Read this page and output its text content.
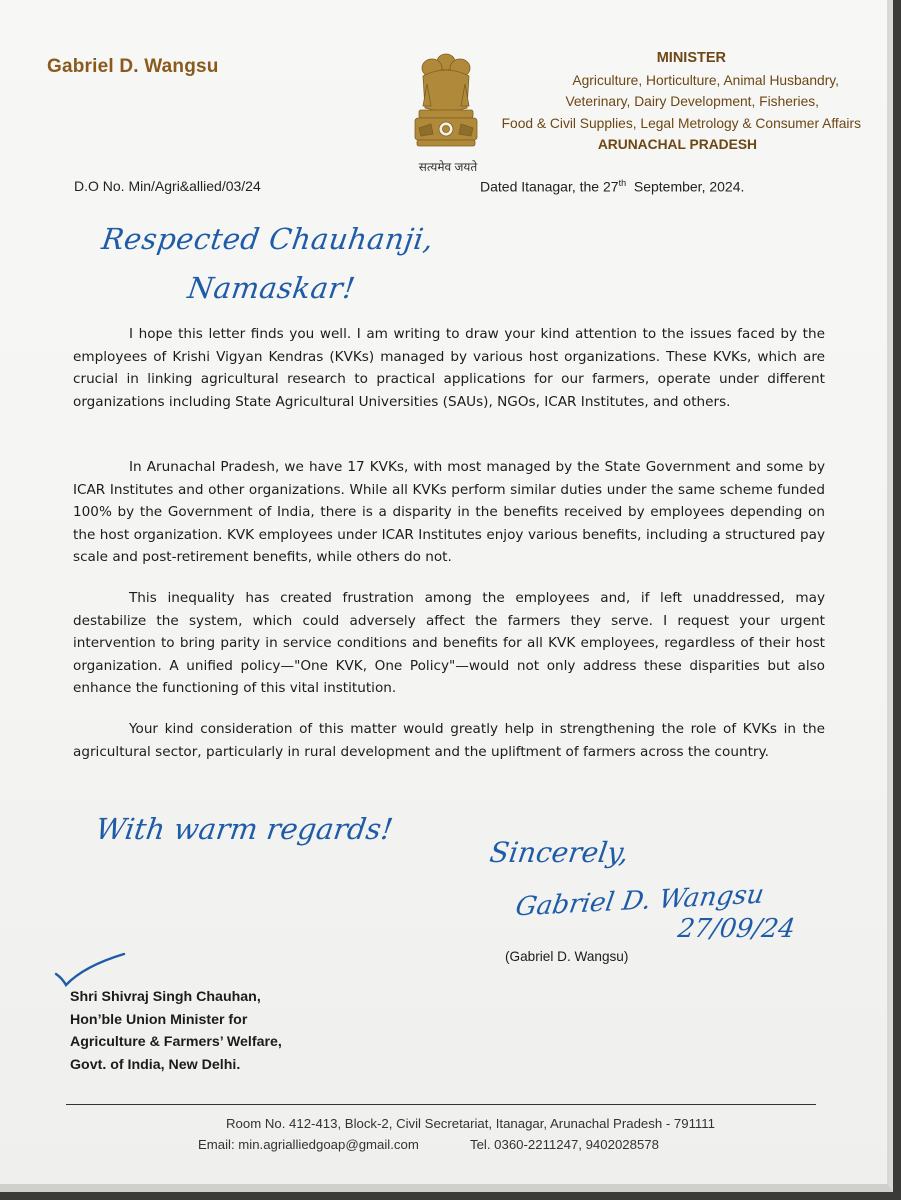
Gabriel D. Wangsu
सत्यमेव जयते
MINISTER
Agriculture, Horticulture, Animal Husbandry,
Veterinary, Dairy Development, Fisheries,
Food & Civil Supplies, Legal Metrology & Consumer Affairs
ARUNACHAL PRADESH
D.O No. Min/Agri&allied/03/24	Dated Itanagar, the 27th September, 2024.
Respected Chauhanji,
Namaskar!

I hope this letter finds you well. I am writing to draw your kind attention to the issues faced by the employees of Krishi Vigyan Kendras (KVKs) managed by various host organizations. These KVKs, which are crucial in linking agricultural research to practical applications for our farmers, operate under different organizations including State Agricultural Universities (SAUs), NGOs, ICAR Institutes, and others.

In Arunachal Pradesh, we have 17 KVKs, with most managed by the State Government and some by ICAR Institutes and other organizations. While all KVKs perform similar duties under the same scheme funded 100% by the Government of India, there is a disparity in the benefits received by employees depending on the host organization. KVK employees under ICAR Institutes enjoy various benefits, including a structured pay scale and post-retirement benefits, while others do not.

This inequality has created frustration among the employees and, if left unaddressed, may destabilize the system, which could adversely affect the farmers they serve. I request your urgent intervention to bring parity in service conditions and benefits for all KVK employees, regardless of their host organization. A unified policy—"One KVK, One Policy"—would not only address these disparities but also enhance the functioning of this vital institution.

Your kind consideration of this matter would greatly help in strengthening the role of KVKs in the agricultural sector, particularly in rural development and the upliftment of farmers across the country.

With warm regards!
Sincerely,
Gabriel D. Wangsu
27/09/24
(Gabriel D. Wangsu)
Shri Shivraj Singh Chauhan,
Hon’ble Union Minister for
Agriculture & Farmers’ Welfare,
Govt. of India, New Delhi.
Room No. 412-413, Block-2, Civil Secretariat, Itanagar, Arunachal Pradesh - 791111
Email: min.agrialliedgoap@gmail.com	Tel. 0360-2211247, 9402028578
